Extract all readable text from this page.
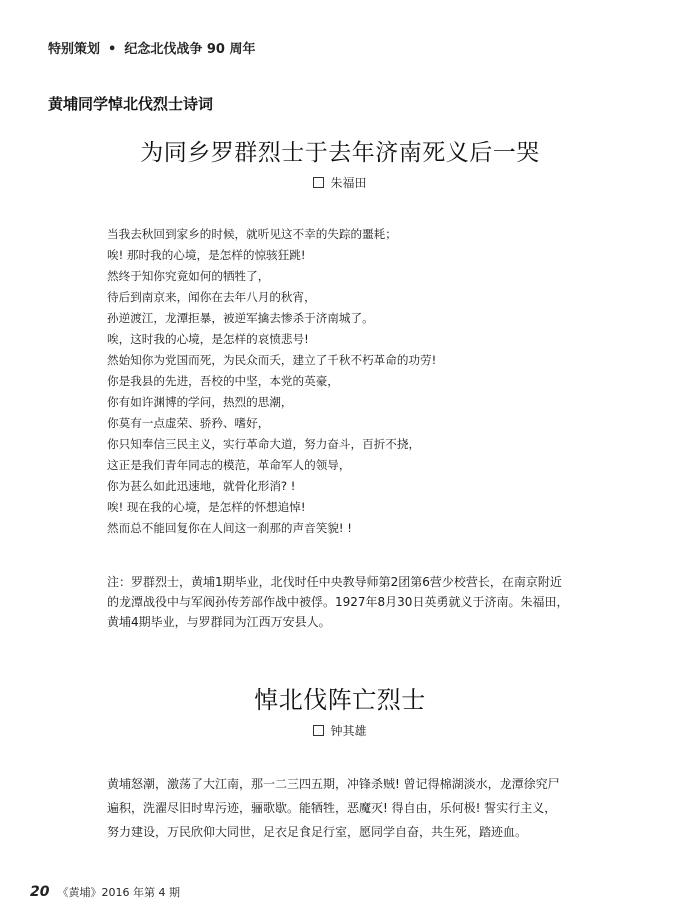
特别策划 • 纪念北伐战争 90 周年
黄埔同学悼北伐烈士诗词
为同乡罗群烈士于去年济南死义后一哭
朱福田
当我去秋回到家乡的时候，就听见这不幸的失踪的噩耗；
唉! 那时我的心境，是怎样的惊骇狂跳!
然终于知你究竟如何的牺牲了，
待后到南京来，闻你在去年八月的秋宵，
孙逆渡江，龙潭拒暴，被逆军擒去惨杀于济南城了。
唉，这时我的心境，是怎样的哀愤悲号!
然始知你为党国而死，为民众而夭，建立了千秋不朽革命的功劳!
你是我县的先进，吾校的中坚，本党的英豪，
你有如许渊博的学问，热烈的思潮，
你莫有一点虚荣、骄矜、嗜好，
你只知奉信三民主义，实行革命大道，努力奋斗，百折不挠，
这正是我们青年同志的模范，革命军人的领导，
你为甚么如此迅速地，就骨化形消? !
唉! 现在我的心境，是怎样的怀想追悼!
然而总不能回复你在人间这一刹那的声音笑貌! !
注：罗群烈士，黄埔1期毕业，北伐时任中央教导师第2团第6营少校营长，在南京附近
的龙潭战役中与军阀孙传芳部作战中被俘。1927年8月30日英勇就义于济南。朱福田，
黄埔4期毕业，与罗群同为江西万安县人。
悼北伐阵亡烈士
钟其雄
黄埔怒潮，激荡了大江南，那一二三四五期，冲锋杀贼! 曾记得棉湖淡水，龙潭徐究尸
遍积，洗濯尽旧时卑污迹，骊歌歇。能牺牲，恶魔灭! 得自由，乐何极! 誓实行主义，
努力建设，万民欣仰大同世，足衣足食足行室，愿同学自奋，共生死，踏迹血。
20 《黄埔》2016 年第 4 期
